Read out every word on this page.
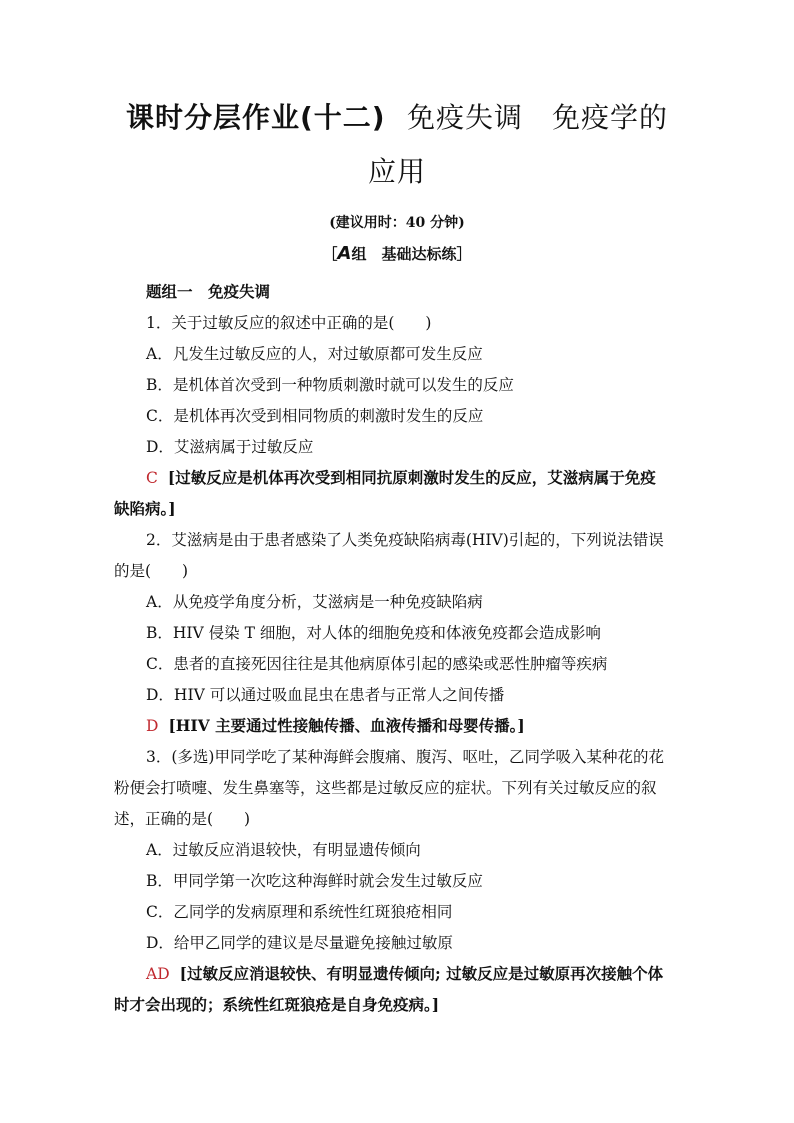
课时分层作业(十二) 免疫失调　免疫学的
应用
(建议用时：40 分钟)
［A组　基础达标练］
题组一　免疫失调
1．关于过敏反应的叙述中正确的是(　　)
A．凡发生过敏反应的人，对过敏原都可发生反应
B．是机体首次受到一种物质刺激时就可以发生的反应
C．是机体再次受到相同物质的刺激时发生的反应
D．艾滋病属于过敏反应
C [过敏反应是机体再次受到相同抗原刺激时发生的反应，艾滋病属于免疫
缺陷病。]
2．艾滋病是由于患者感染了人类免疫缺陷病毒(HIV)引起的，下列说法错误
的是(　　)
A．从免疫学角度分析，艾滋病是一种免疫缺陷病
B．HIV 侵染 T 细胞，对人体的细胞免疫和体液免疫都会造成影响
C．患者的直接死因往往是其他病原体引起的感染或恶性肿瘤等疾病
D．HIV 可以通过吸血昆虫在患者与正常人之间传播
D [HIV 主要通过性接触传播、血液传播和母婴传播。]
3．(多选)甲同学吃了某种海鲜会腹痛、腹泻、呕吐，乙同学吸入某种花的花
粉便会打喷嚏、发生鼻塞等，这些都是过敏反应的症状。下列有关过敏反应的叙
述，正确的是(　　)
A．过敏反应消退较快，有明显遗传倾向
B．甲同学第一次吃这种海鲜时就会发生过敏反应
C．乙同学的发病原理和系统性红斑狼疮相同
D．给甲乙同学的建议是尽量避免接触过敏原
AD [过敏反应消退较快、有明显遗传倾向; 过敏反应是过敏原再次接触个体
时才会出现的；系统性红斑狼疮是自身免疫病。]
